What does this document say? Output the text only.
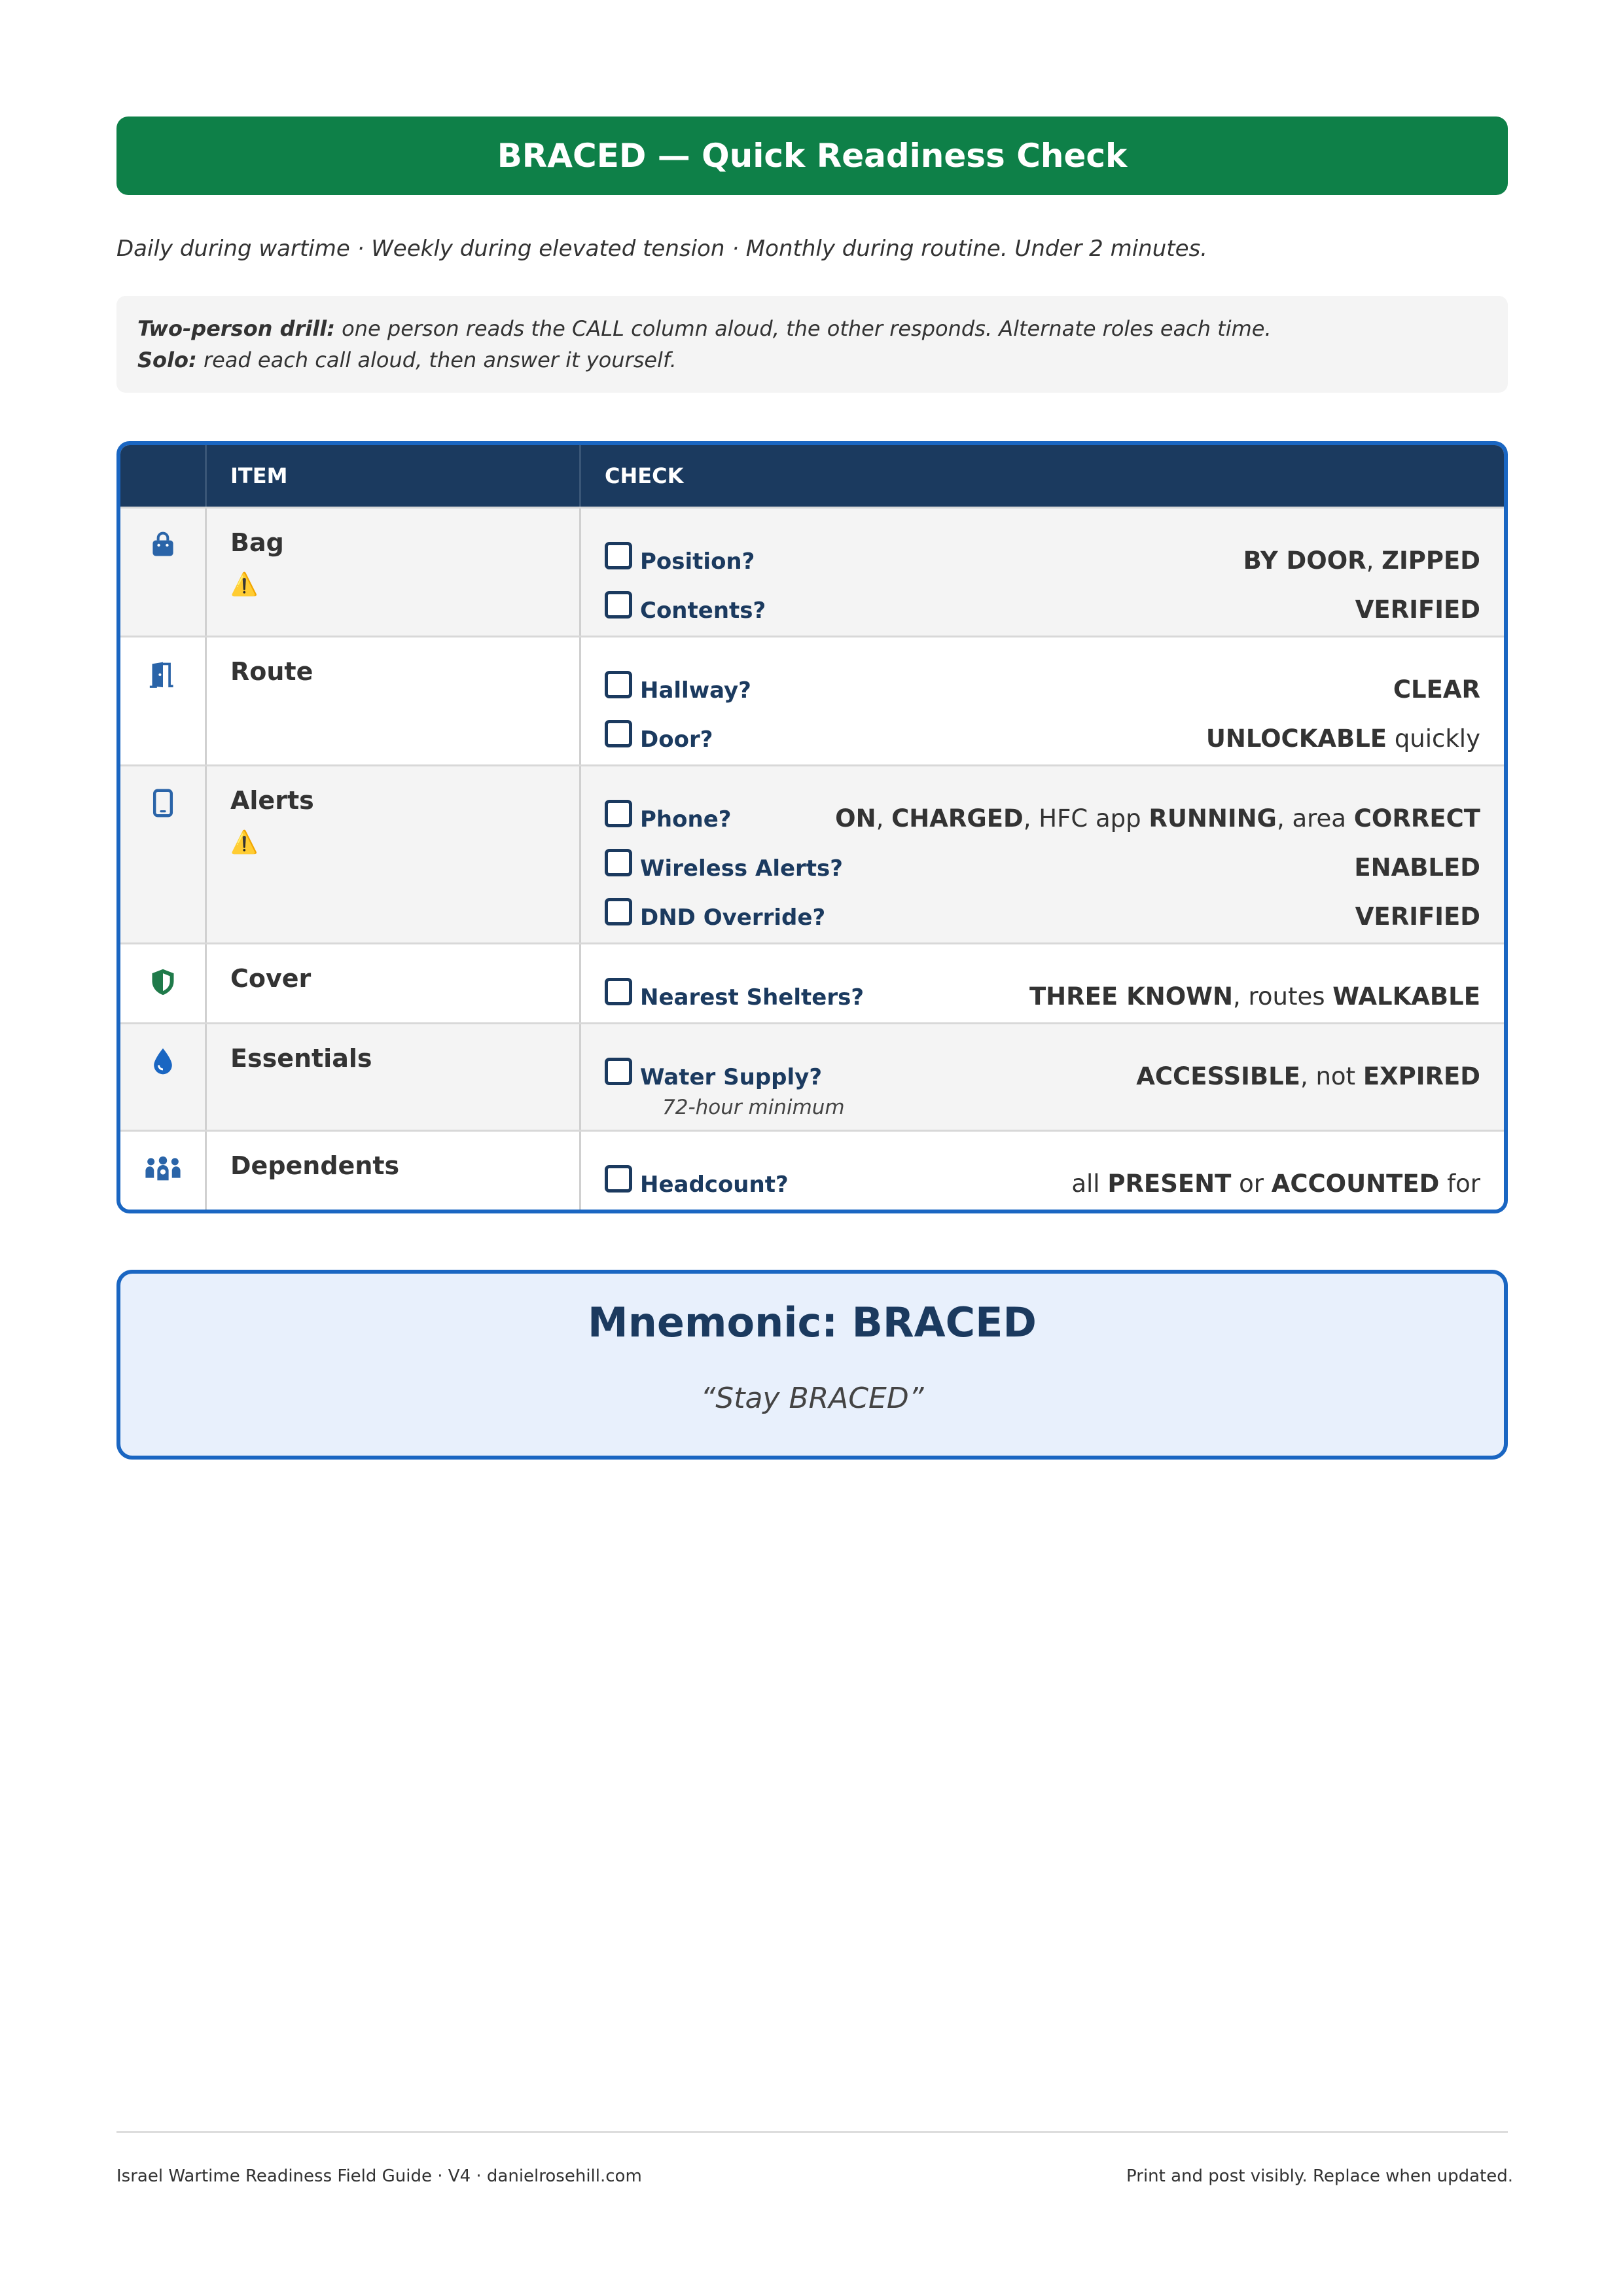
BRACED — Quick Readiness Check
Daily during wartime · Weekly during elevated tension · Monthly during routine. Under 2 minutes.
Two-person drill: one person reads the CALL column aloud, the other responds. Alternate roles each time.
Solo: read each call aloud, then answer it yourself.
ITEM	CHECK
Bag
⚠️
Position?	BY DOOR, ZIPPED
Contents?	VERIFIED
Route
Hallway?	CLEAR
Door?	UNLOCKABLE quickly
Alerts
⚠️
Phone?	ON, CHARGED, HFC app RUNNING, area CORRECT
Wireless Alerts?	ENABLED
DND Override?	VERIFIED
Cover
Nearest Shelters?	THREE KNOWN, routes WALKABLE
Essentials
Water Supply?	ACCESSIBLE, not EXPIRED
72-hour minimum
Dependents
Headcount?	all PRESENT or ACCOUNTED for
Mnemonic: BRACED
“Stay BRACED”
Israel Wartime Readiness Field Guide · V4 · danielrosehill.com	Print and post visibly. Replace when updated.
